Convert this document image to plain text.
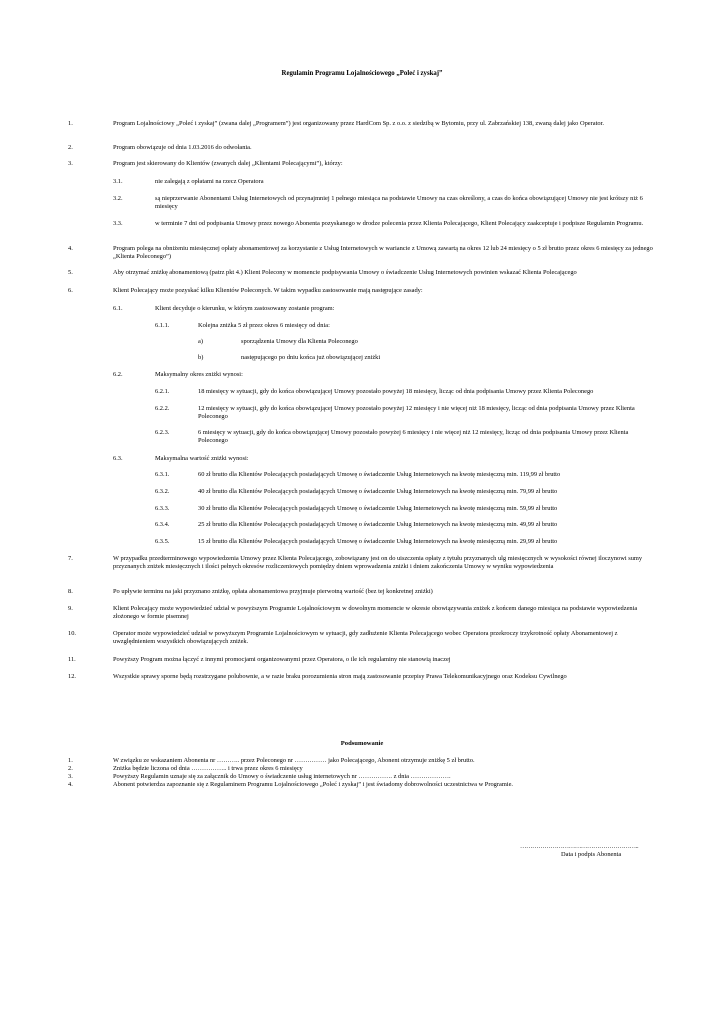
Regulamin Programu Lojalnościowego „Poleć i zyskaj”
1.	Program Lojalnościowy „Poleć i zyskaj” (zwana dalej „Programem”) jest organizowany przez HardCom Sp. z o.o. z siedzibą w Bytomiu, przy ul. Zabrzańskiej 138, zwaną dalej jako Operator.
2.	Program obowiązuje od dnia 1.03.2016 do odwołania.
3.	Program jest skierowany do Klientów (zwanych dalej „Klientami Polecającymi”), którzy:
3.1.	nie zalegają z opłatami na rzecz Operatora
3.2.	są nieprzerwanie Abonentami Usług Internetowych od przynajmniej 1 pełnego miesiąca na podstawie Umowy na czas określony, a czas do końca obowiązującej Umowy nie jest krótszy niż 6 miesięcy
3.3.	w terminie 7 dni od podpisania Umowy przez nowego Abonenta pozyskanego w drodze polecenia przez Klienta Polecającego, Klient Polecający zaakceptuje i podpisze Regulamin Programu.
4.	Program polega na obniżeniu miesięcznej opłaty abonamentowej za korzystanie z Usług Internetowych w wariancie z Umową zawartą na okres 12 lub 24 miesięcy o 5 zł brutto przez okres 6 miesięcy za jednego „Klienta Poleconego”)
5.	Aby otrzymać zniżkę abonamentową (patrz pkt 4.) Klient Polecony w momencie podpisywania Umowy o świadczenie Usług Internetowych powinien wskazać Klienta Polecającego
6.	Klient Polecający może pozyskać kilku Klientów Poleconych. W takim wypadku zastosowanie mają następujące zasady:
6.1.	Klient decyduje o kierunku, w którym zastosowany zostanie program:
6.1.1.	Kolejna zniżka 5 zł przez okres 6 miesięcy od dnia:
a)	sporządzenia Umowy dla Klienta Poleconego
b)	następującego po dniu końca już obowiązującej zniżki
6.2.	Maksymalny okres zniżki wynosi:
6.2.1.	18 miesięcy w sytuacji, gdy do końca obowiązującej Umowy pozostało powyżej 18 miesięcy, licząc od dnia podpisania Umowy przez Klienta Poleconego
6.2.2.	12 miesięcy w sytuacji, gdy do końca obowiązującej Umowy pozostało powyżej 12 miesięcy i nie więcej niż 18 miesięcy, licząc od dnia podpisania Umowy przez Klienta Poleconego
6.2.3.	6 miesięcy w sytuacji, gdy do końca obowiązującej Umowy pozostało powyżej 6 miesięcy i nie więcej niż 12 miesięcy, licząc od dnia podpisania Umowy przez Klienta Poleconego
6.3.	Maksymalna wartość zniżki wynosi:
6.3.1.	60 zł brutto dla Klientów Polecających posiadających Umowę o świadczenie Usług Internetowych na kwotę miesięczną min. 119,99 zł brutto
6.3.2.	40 zł brutto dla Klientów Polecających posiadających Umowę o świadczenie Usług Internetowych na kwotę miesięczną min. 79,99 zł brutto
6.3.3.	30 zł brutto dla Klientów Polecających posiadających Umowę o świadczenie Usług Internetowych na kwotę miesięczną min. 59,99 zł brutto
6.3.4.	25 zł brutto dla Klientów Polecających posiadających Umowę o świadczenie Usług Internetowych na kwotę miesięczną min. 49,99 zł brutto
6.3.5.	15 zł brutto dla Klientów Polecających posiadających Umowę o świadczenie Usług Internetowych na kwotę miesięczną min. 29,99 zł brutto
7.	W przypadku przedterminowego wypowiedzenia Umowy przez Klienta Polecającego, zobowiązany jest on do uiszczenia opłaty z tytułu przyznanych ulg miesięcznych w wysokości równej iloczynowi sumy przyznanych zniżek miesięcznych i ilości pełnych okresów rozliczeniowych pomiędzy dniem wprowadzenia zniżki i dniem zakończenia Umowy w wyniku wypowiedzenia
8.	Po upływie terminu na jaki przyznano zniżkę, opłata abonamentowa przyjmuje pierwotną wartość (bez tej konkretnej zniżki)
9.	Klient Polecający może wypowiedzieć udział w powyższym Programie Lojalnościowym w dowolnym momencie w okresie obowiązywania zniżek z końcem danego miesiąca na podstawie wypowiedzenia złożonego w formie pisemnej
10.	Operator może wypowiedzieć udział w powyższym Programie Lojalnościowym w sytuacji, gdy zadłużenie Klienta Polecającego wobec Operatora przekroczy trzykrotność opłaty Abonamentowej z uwzględnieniem wszystkich obowiązujących zniżek.
11.	Powyższy Program można łączyć z innymi promocjami organizowanymi przez Operatora, o ile ich regulaminy nie stanowią inaczej
12.	Wszystkie sprawy sporne będą rozstrzygane polubownie, a w razie braku porozumienia stron mają zastosowanie przepisy Prawa Telekomunikacyjnego oraz Kodeksu Cywilnego
Podsumowanie
1.	W związku ze wskazaniem Abonenta nr ……….. przez Poleconego nr …………… jako Polecającego, Abonent otrzymuje zniżkę 5 zł brutto.
2.	Zniżka będzie liczona od dnia …………….. i trwa przez okres 6 miesięcy
3.	Powyższy Regulamin uznaje się za załącznik do Umowy o świadczenie usług internetowych nr ……………. z dnia ……………….
4.	Abonent potwierdza zapoznanie się z Regulaminem Programu Lojalnościowego „Poleć i zyskaj” i jest świadomy dobrowolności uczestnictwa w Programie.
…………………………………………………..
Data i podpis Abonenta
